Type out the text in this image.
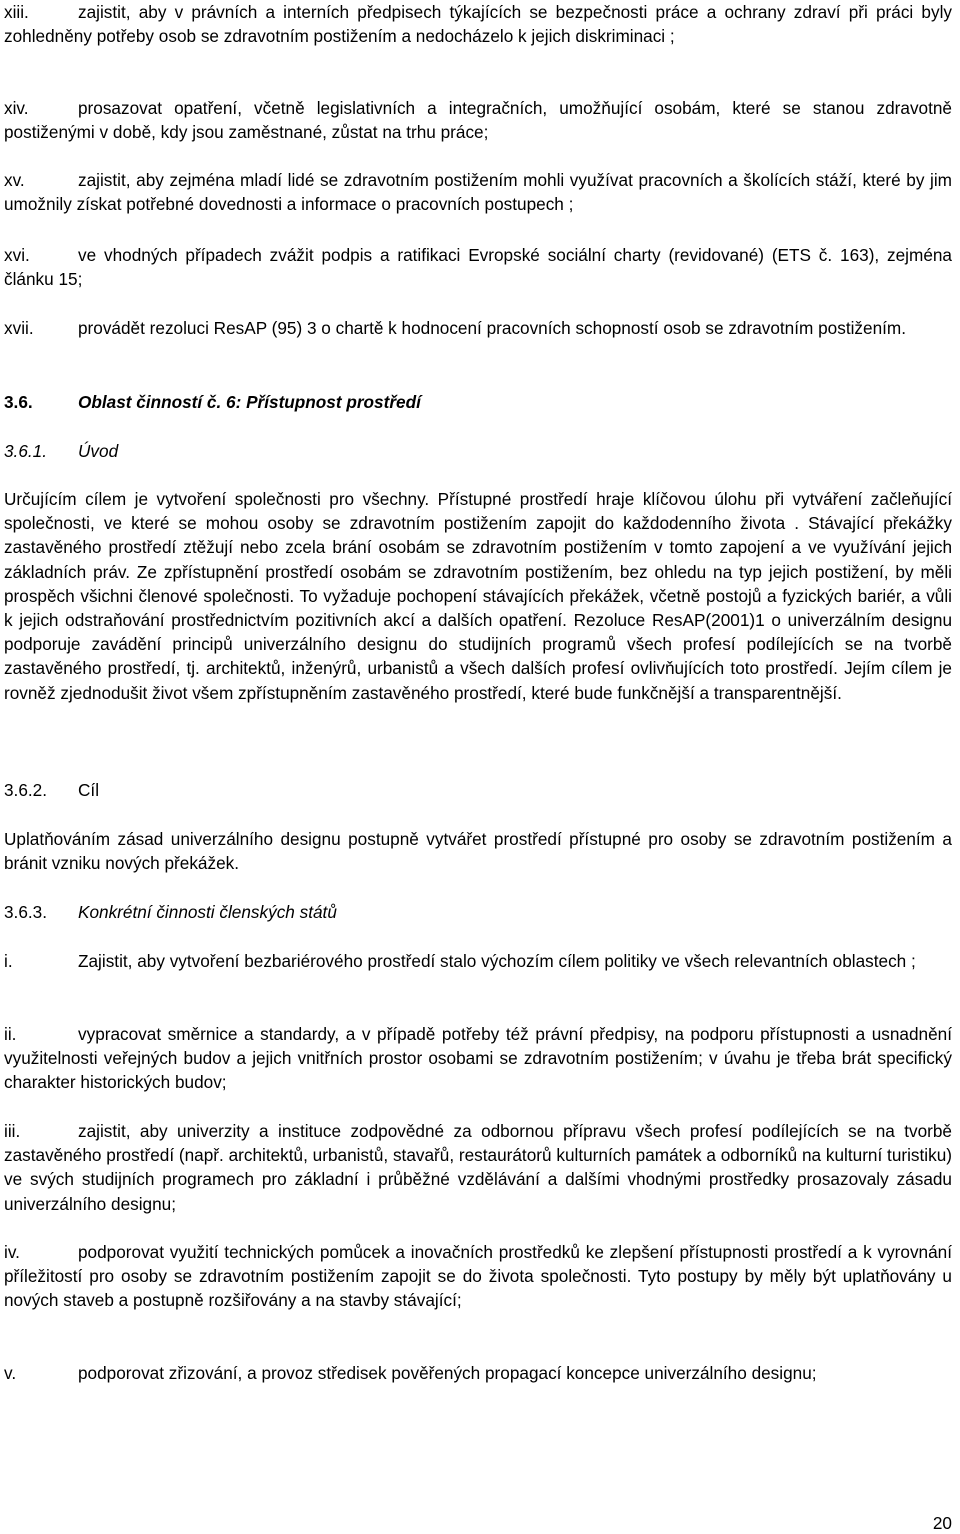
xiii.	zajistit, aby v právních a interních předpisech týkajících se bezpečnosti práce a ochrany zdraví při práci byly zohledněny potřeby osob se zdravotním postižením a nedocházelo k jejich diskriminaci ;

xiv.	prosazovat opatření, včetně legislativních a integračních, umožňující osobám, které se stanou zdravotně postiženými v době, kdy jsou zaměstnané, zůstat na trhu práce;

xv.	zajistit, aby zejména mladí lidé se zdravotním postižením mohli využívat pracovních a školících stáží, které by jim umožnily získat potřebné dovednosti a informace o pracovních postupech ;

xvi.	ve vhodných případech zvážit podpis a ratifikaci Evropské sociální charty (revidované) (ETS č. 163), zejména článku 15;

xvii.	provádět rezoluci ResAP (95) 3 o chartě k hodnocení pracovních schopností osob se zdravotním postižením.

3.6.	Oblast činností č. 6: Přístupnost prostředí
3.6.1. Úvod

Určujícím cílem je vytvoření společnosti pro všechny. Přístupné prostředí hraje klíčovou úlohu při vytváření začleňující společnosti, ve které se mohou osoby se zdravotním postižením zapojit do každodenního života . Stávající překážky zastavěného prostředí ztěžují nebo zcela brání osobám se zdravotním postižením v tomto zapojení a ve využívání jejich základních práv. Ze zpřístupnění prostředí osobám se zdravotním postižením, bez ohledu na typ jejich postižení, by měli prospěch všichni členové společnosti. To vyžaduje pochopení stávajících překážek, včetně postojů a fyzických bariér, a vůli k jejich odstraňování prostřednictvím pozitivních akcí a dalších opatření. Rezoluce ResAP(2001)1 o univerzálním designu podporuje zavádění principů univerzálního designu do studijních programů všech profesí podílejících se na tvorbě zastavěného prostředí, tj. architektů, inženýrů, urbanistů a všech dalších profesí ovlivňujících toto prostředí. Jejím cílem je rovněž zjednodušit život všem zpřístupněním zastavěného prostředí, které bude funkčnější a transparentnější.

3.6.2. Cíl

Uplatňováním zásad univerzálního designu postupně vytvářet prostředí přístupné pro osoby se zdravotním postižením a bránit vzniku nových překážek.

3.6.3. Konkrétní činnosti členských států

i.	Zajistit, aby vytvoření bezbariérového prostředí stalo výchozím cílem politiky ve všech relevantních oblastech ;

ii.	vypracovat směrnice a standardy, a v případě potřeby též právní předpisy, na podporu přístupnosti a usnadnění využitelnosti veřejných budov a jejich vnitřních prostor osobami se zdravotním postižením; v úvahu je třeba brát specifický charakter historických budov;

iii.	zajistit, aby univerzity a instituce zodpovědné za odbornou přípravu všech profesí podílejících se na tvorbě zastavěného prostředí (např. architektů, urbanistů, stavařů, restaurátorů kulturních památek a odborníků na kulturní turistiku) ve svých studijních programech pro základní i průběžné vzdělávání a dalšími vhodnými prostředky prosazovaly zásadu univerzálního designu;

iv.	podporovat využití technických pomůcek a inovačních prostředků ke zlepšení přístupnosti prostředí a k vyrovnání příležitostí pro osoby se zdravotním postižením zapojit se do života společnosti. Tyto postupy by měly být uplatňovány u nových staveb a postupně rozšiřovány a na stavby stávající;

v.	podporovat zřizování, a provoz středisek pověřených propagací koncepce univerzálního designu;

20
